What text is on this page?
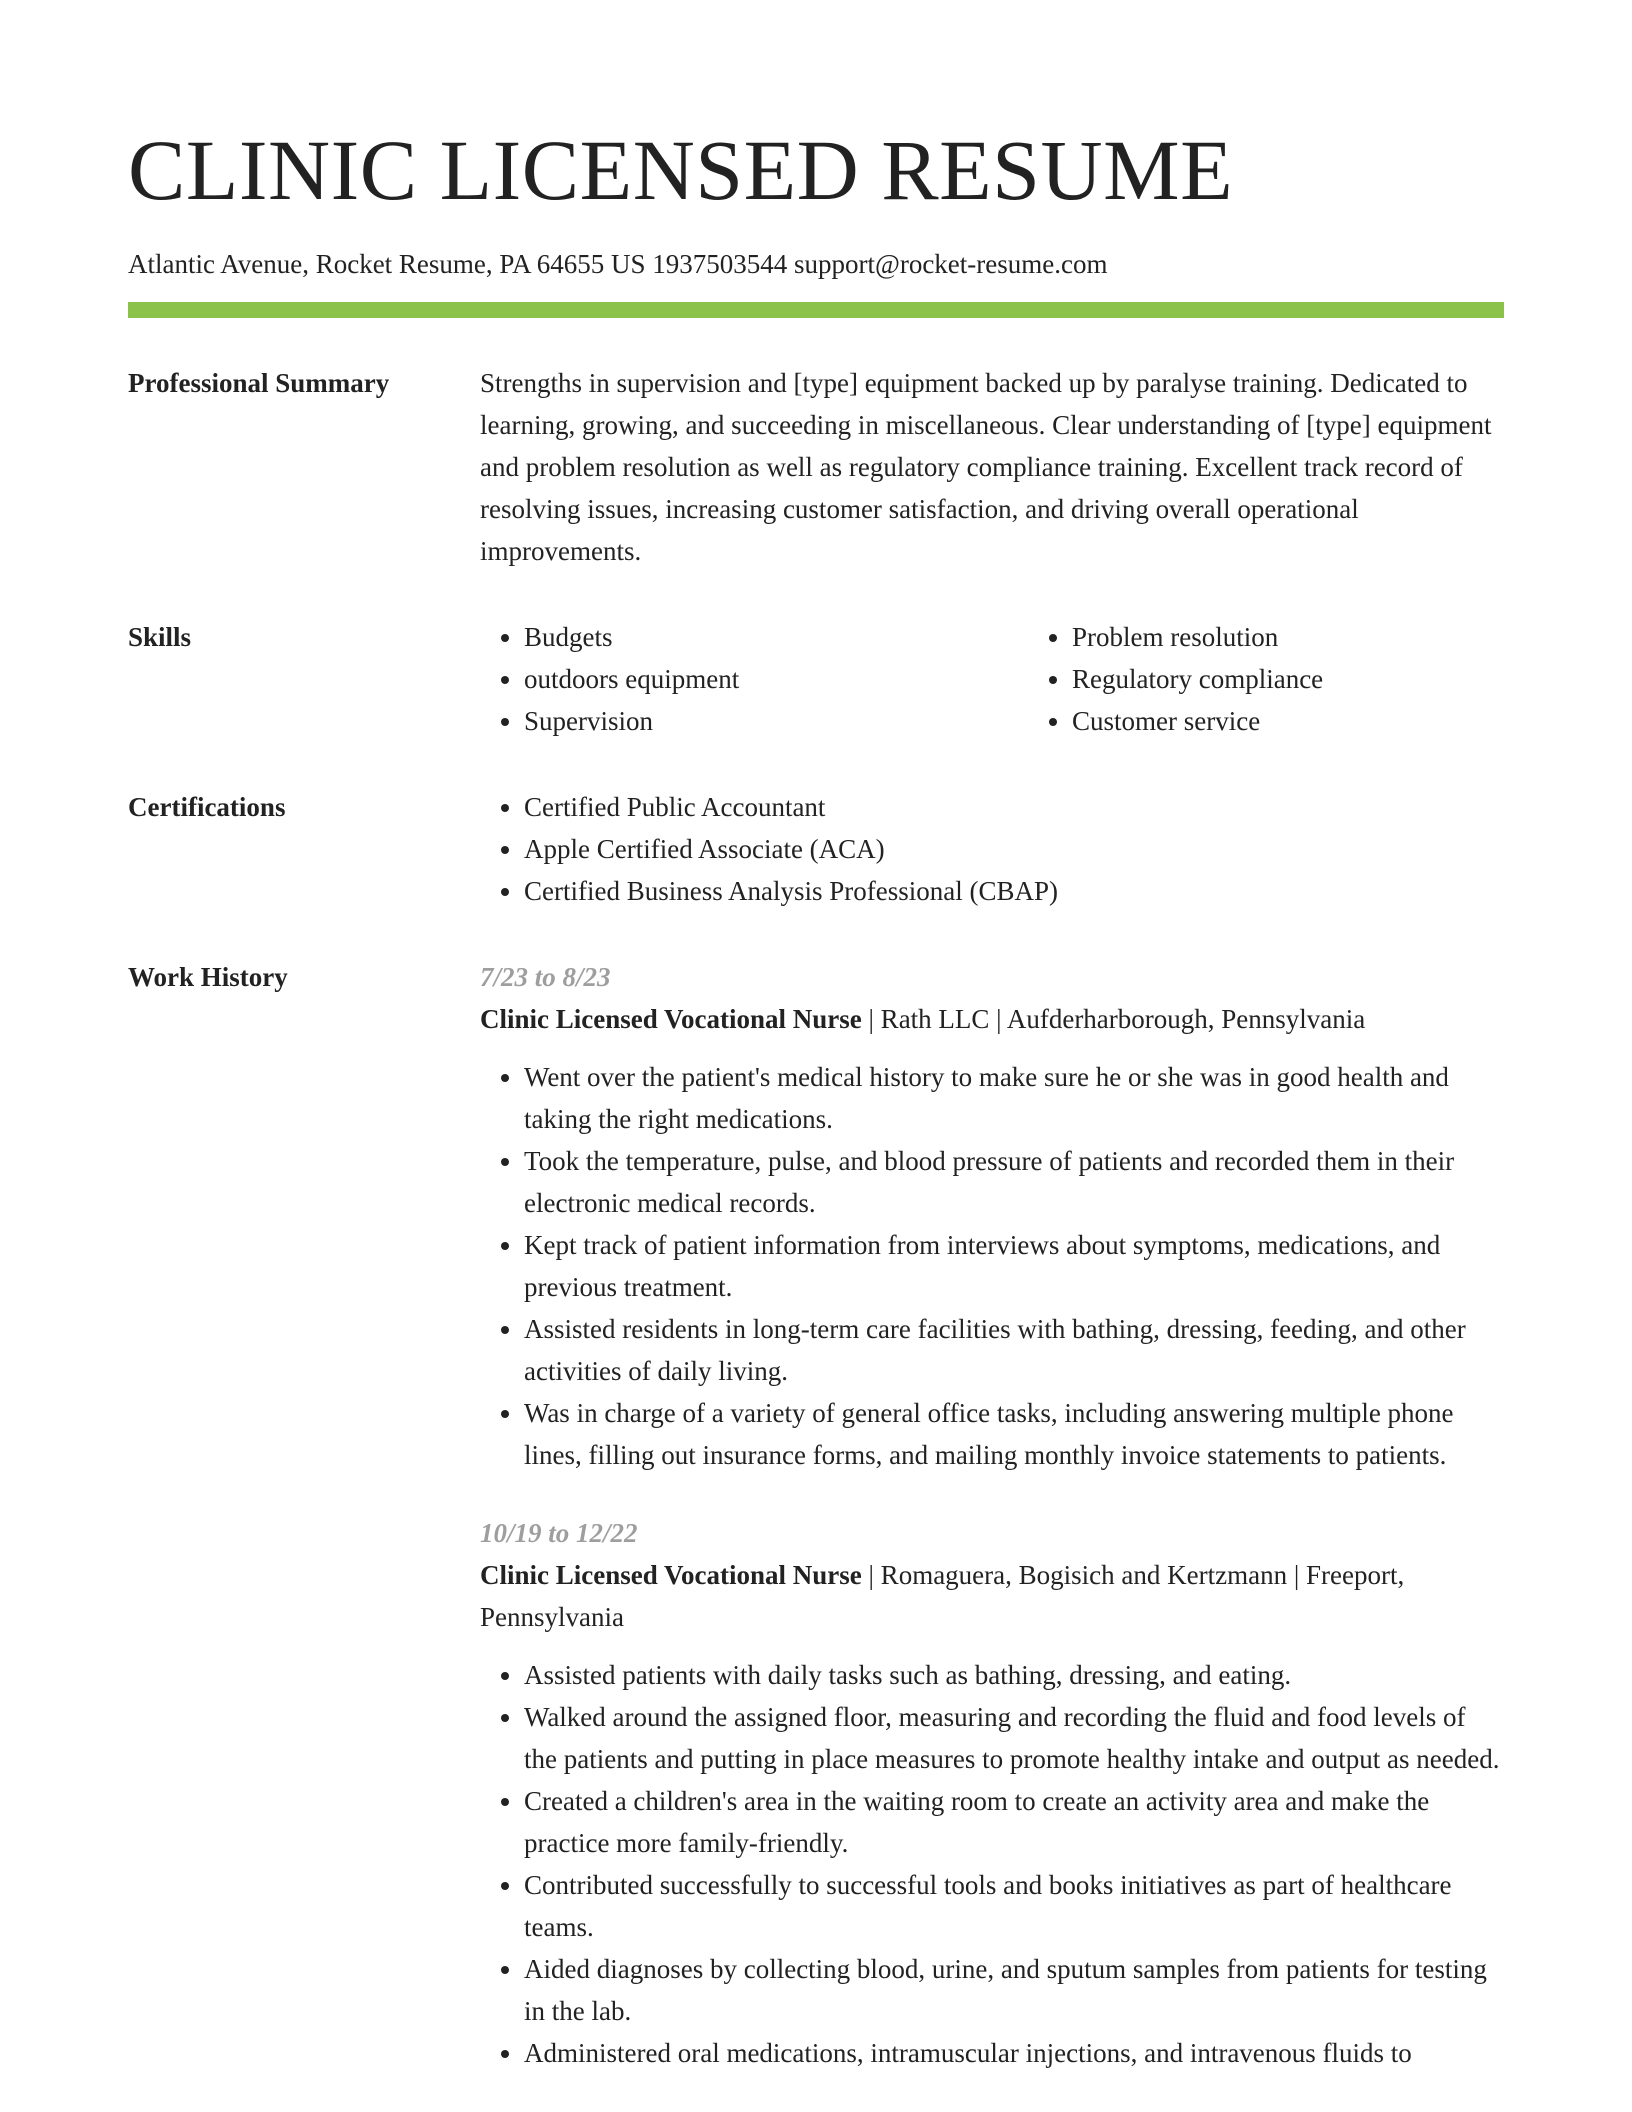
CLINIC LICENSED RESUME
Atlantic Avenue, Rocket Resume, PA 64655 US 1937503544 support@rocket-resume.com
Professional Summary	Strengths in supervision and [type] equipment backed up by paralyse training. Dedicated to learning, growing, and succeeding in miscellaneous. Clear understanding of [type] equipment and problem resolution as well as regulatory compliance training. Excellent track record of resolving issues, increasing customer satisfaction, and driving overall operational improvements.

Skills	• Budgets
• outdoors equipment
• Supervision
• Problem resolution
• Regulatory compliance
• Customer service
Certifications	• Certified Public Accountant
• Apple Certified Associate (ACA)
• Certified Business Analysis Professional (CBAP)
Work History	7/23 to 8/23
Clinic Licensed Vocational Nurse | Rath LLC | Aufderharborough, Pennsylvania
• Went over the patient's medical history to make sure he or she was in good health and taking the right medications.
• Took the temperature, pulse, and blood pressure of patients and recorded them in their electronic medical records.
• Kept track of patient information from interviews about symptoms, medications, and previous treatment.
• Assisted residents in long-term care facilities with bathing, dressing, feeding, and other activities of daily living.
• Was in charge of a variety of general office tasks, including answering multiple phone lines, filling out insurance forms, and mailing monthly invoice statements to patients.
10/19 to 12/22
Clinic Licensed Vocational Nurse | Romaguera, Bogisich and Kertzmann | Freeport, Pennsylvania
• Assisted patients with daily tasks such as bathing, dressing, and eating.
• Walked around the assigned floor, measuring and recording the fluid and food levels of the patients and putting in place measures to promote healthy intake and output as needed.
• Created a children's area in the waiting room to create an activity area and make the practice more family-friendly.
• Contributed successfully to successful tools and books initiatives as part of healthcare teams.
• Aided diagnoses by collecting blood, urine, and sputum samples from patients for testing in the lab.
• Administered oral medications, intramuscular injections, and intravenous fluids to
